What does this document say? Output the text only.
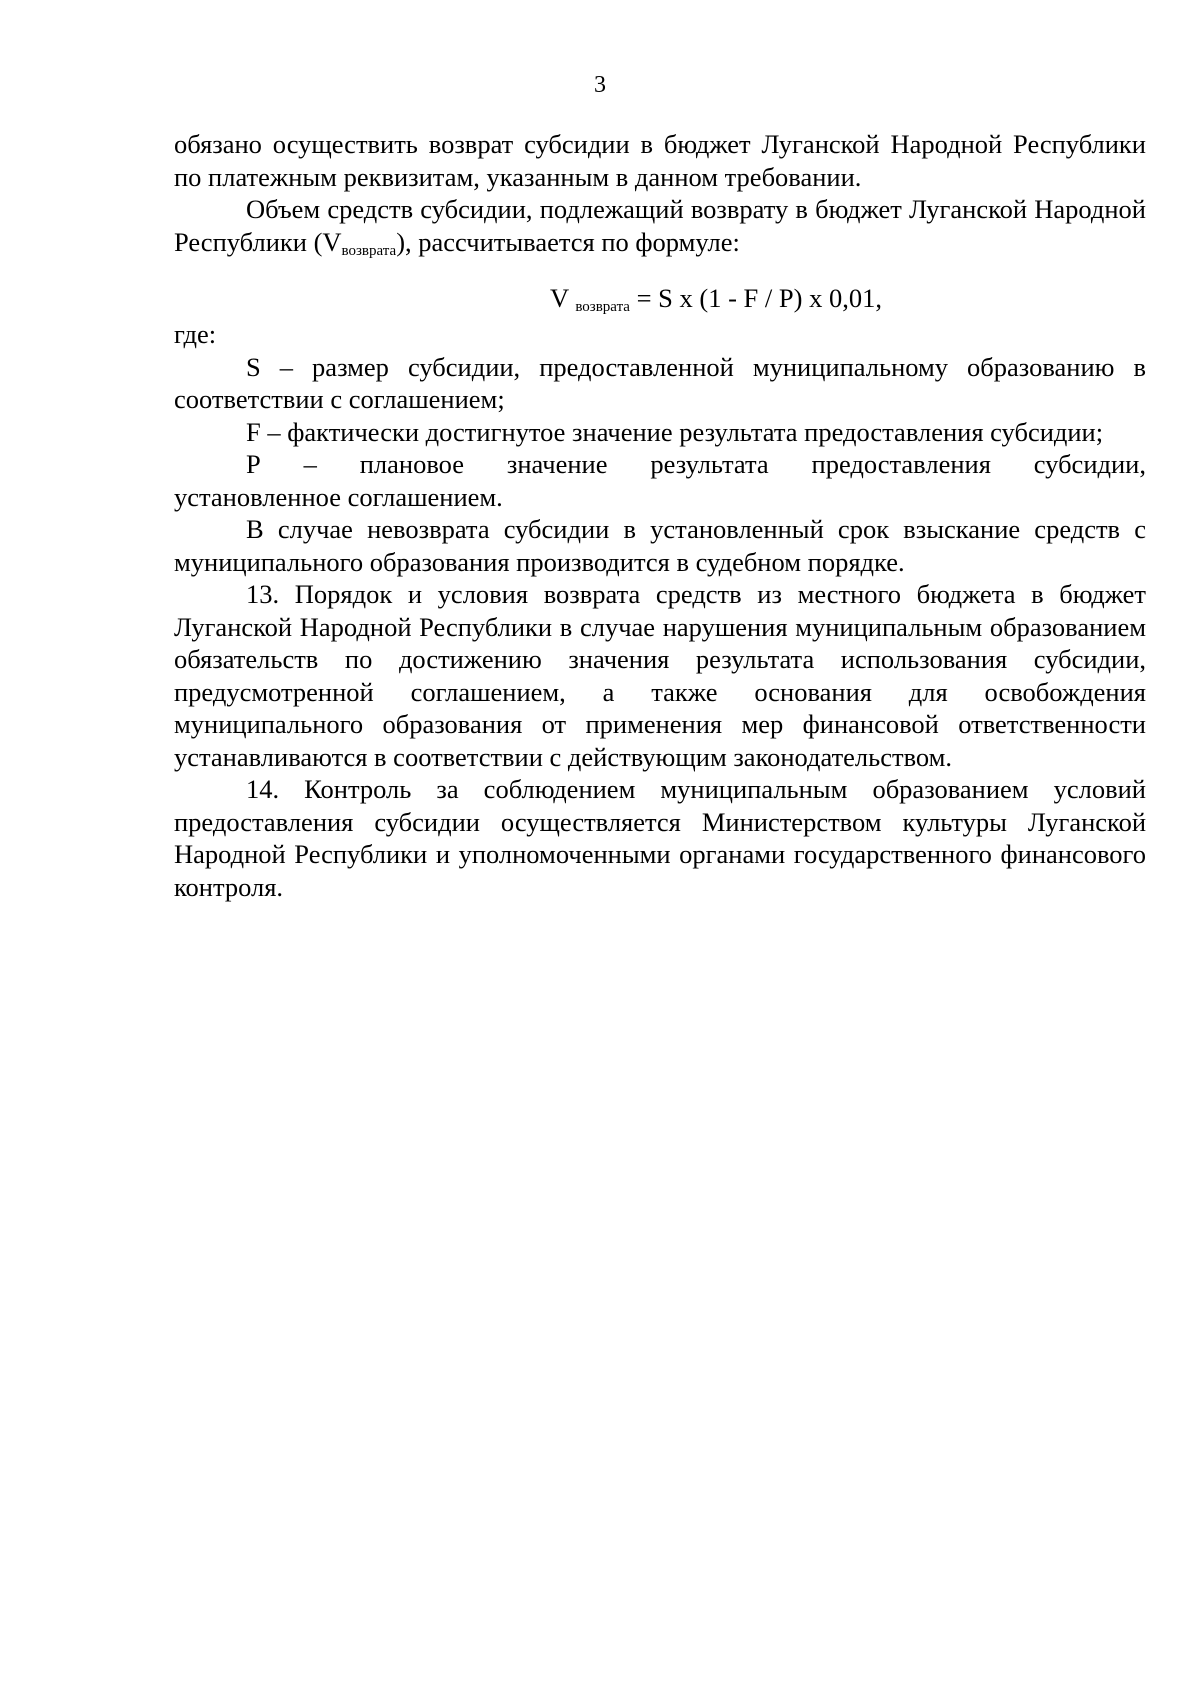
3

обязано осуществить возврат субсидии в бюджет Луганской Народной Республики по платежным реквизитам, указанным в данном требовании.

Объем средств субсидии, подлежащий возврату в бюджет Луганской Народной Республики $(V_{возврата})$, рассчитывается по формуле:

V $_{возврата}$ = S x (1 - F / P) x 0,01,

где:

S – размер субсидии, предоставленной муниципальному образованию в соответствии с соглашением;

F – фактически достигнутое значение результата предоставления субсидии;

P – плановое значение результата предоставления субсидии,

установленное соглашением.

В случае невозврата субсидии в установленный срок взыскание средств с муниципального образования производится в судебном порядке.

13. Порядок и условия возврата средств из местного бюджета в бюджет Луганской Народной Республики в случае нарушения муниципальным образованием обязательств по достижению значения результата использования субсидии, предусмотренной соглашением, а также основания для освобождения муниципального образования от применения мер финансовой ответственности устанавливаются в соответствии с действующим законодательством.

14. Контроль за соблюдением муниципальным образованием условий предоставления субсидии осуществляется Министерством культуры Луганской Народной Республики и уполномоченными органами государственного финансового контроля.
